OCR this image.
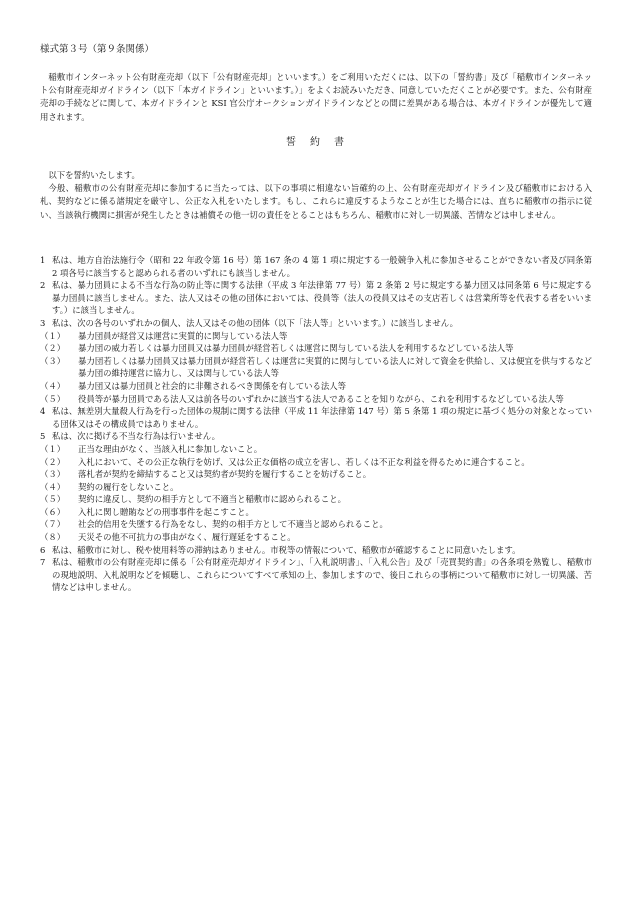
様式第３号（第９条関係）

稲敷市インターネット公有財産売却（以下「公有財産売却」といいます。）をご利用いただくには、以下の「誓約書」及び「稲敷市インターネット公有財産売却ガイドライン（以下「本ガイドライン」といいます。）」をよくお読みいただき、同意していただくことが必要です。また、公有財産売却の手続などに関して、本ガイドラインと KSI 官公庁オークションガイドラインなどとの間に差異がある場合は、本ガイドラインが優先して適用されます。

誓約書

以下を誓約いたします。

今般、稲敷市の公有財産売却に参加するに当たっては、以下の事項に相違ない旨確約の上、公有財産売却ガイドライン及び稲敷市における入札、契約などに係る諸規定を厳守し、公正な入札をいたします。もし、これらに違反するようなことが生じた場合には、直ちに稲敷市の指示に従い、当該執行機関に損害が発生したときは補償その他一切の責任をとることはもちろん、稲敷市に対し一切異議、苦情などは申しません。

1 私は、地方自治法施行令（昭和 22 年政令第 16 号）第 167 条の 4 第 1 項に規定する一般競争入札に参加させることができない者及び同条第 2 項各号に該当すると認められる者のいずれにも該当しません。

2 私は、暴力団員による不当な行為の防止等に関する法律（平成 3 年法律第 77 号）第 2 条第 2 号に規定する暴力団又は同条第 6 号に規定する暴力団員に該当しません。また、法人又はその他の団体においては、役員等（法人の役員又はその支店若しくは営業所等を代表する者をいいます。）に該当しません。

3 私は、次の各号のいずれかの個人、法人又はその他の団体（以下「法人等」といいます。）に該当しません。

（１） 暴力団員が経営又は運営に実質的に関与している法人等

（２） 暴力団の威力若しくは暴力団員又は暴力団員が経営若しくは運営に関与している法人を利用するなどしている法人等

（３） 暴力団若しくは暴力団員又は暴力団員が経営若しくは運営に実質的に関与している法人に対して資金を供給し、又は便宜を供与するなど暴力団の維持運営に協力し、又は関与している法人等

（４） 暴力団又は暴力団員と社会的に非難されるべき関係を有している法人等

（５） 役員等が暴力団員である法人又は前各号のいずれかに該当する法人であることを知りながら、これを利用するなどしている法人等

4 私は、無差別大量殺人行為を行った団体の規制に関する法律（平成 11 年法律第 147 号）第 5 条第 1 項の規定に基づく処分の対象となっている団体又はその構成員ではありません。

5 私は、次に掲げる不当な行為は行いません。

（１） 正当な理由がなく、当該入札に参加しないこと。

（２） 入札において、その公正な執行を妨げ、又は公正な価格の成立を害し、若しくは不正な利益を得るために連合すること。

（３） 落札者が契約を締結すること又は契約者が契約を履行することを妨げること。

（４） 契約の履行をしないこと。

（５） 契約に違反し、契約の相手方として不適当と稲敷市に認められること。

（６） 入札に関し贈賄などの刑事事件を起こすこと。

（７） 社会的信用を失墜する行為をなし、契約の相手方として不適当と認められること。

（８） 天災その他不可抗力の事由がなく、履行遅延をすること。

6 私は、稲敷市に対し、税や使用料等の滞納はありません。市税等の情報について、稲敷市が確認することに同意いたします。

7 私は、稲敷市の公有財産売却に係る「公有財産売却ガイドライン」、「入札説明書」、「入札公告」及び「売買契約書」の各条項を熟覧し、稲敷市の現地説明、入札説明などを傾聴し、これらについてすべて承知の上、参加しますので、後日これらの事柄について稲敷市に対し一切異議、苦情などは申しません。
